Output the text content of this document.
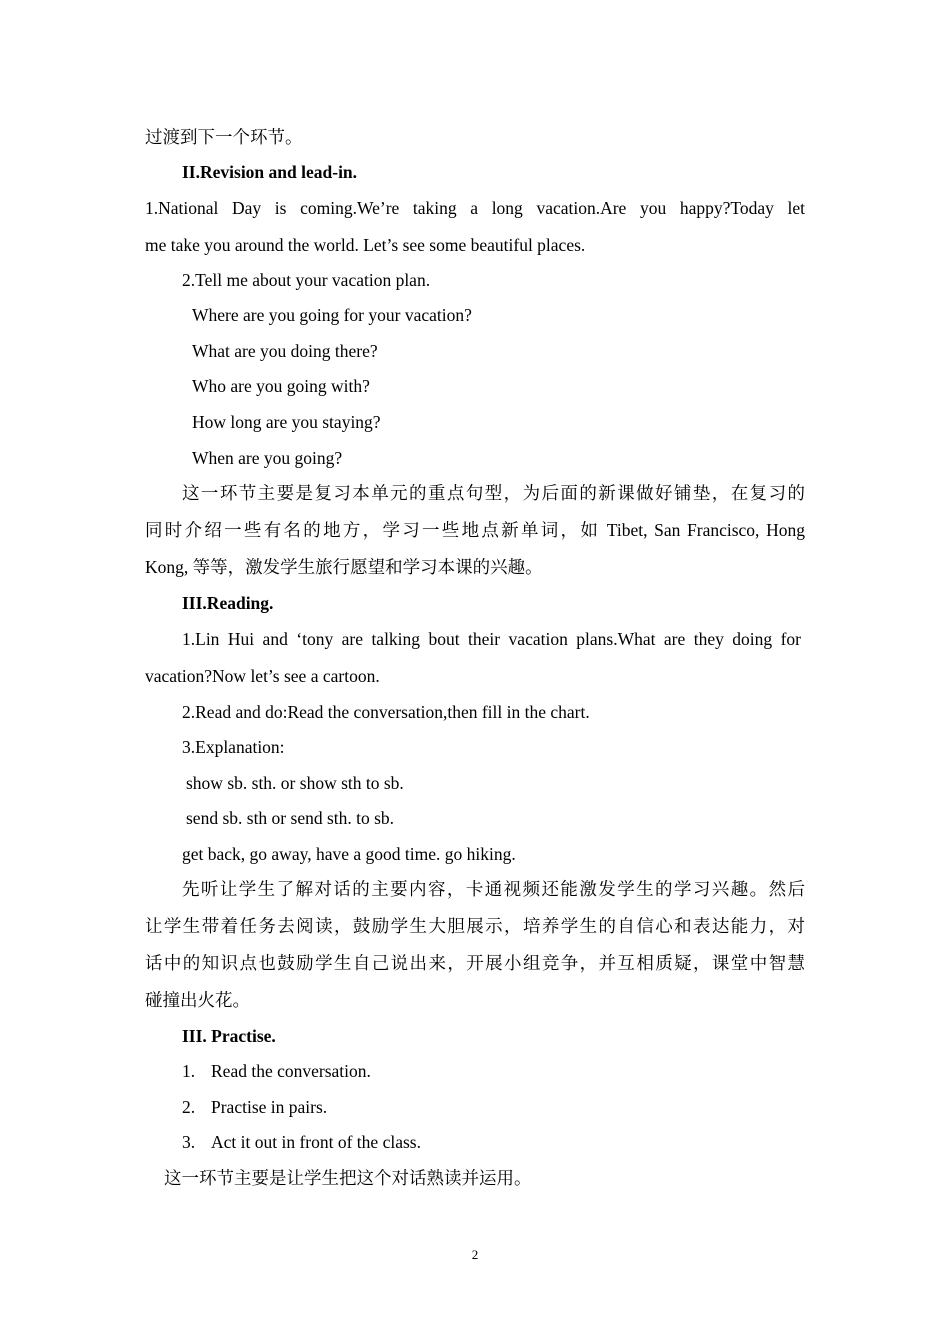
过渡到下一个环节。
II.Revision and lead-in.
1.National Day is coming.We’re taking a long vacation.Are you happy?Today let
me take you around the world. Let’s see some beautiful places.
2.Tell me about your vacation plan.
Where are you going for your vacation?
What are you doing there?
Who are you going with?
How long are you staying?
When are you going?
这一环节主要是复习本单元的重点句型，为后面的新课做好铺垫，在复习的
同时介绍一些有名的地方，学习一些地点新单词，如 Tibet, San Francisco, Hong
Kong, 等等，激发学生旅行愿望和学习本课的兴趣。
III.Reading.
1.Lin Hui and ‘tony are talking bout their vacation plans.What are they doing for
vacation?Now let’s see a cartoon.
2.Read and do:Read the conversation,then fill in the chart.
3.Explanation:
show sb. sth. or show sth to sb.
send sb. sth or send sth. to sb.
get back, go away, have a good time. go hiking.
先听让学生了解对话的主要内容，卡通视频还能激发学生的学习兴趣。然后
让学生带着任务去阅读，鼓励学生大胆展示，培养学生的自信心和表达能力，对
话中的知识点也鼓励学生自己说出来，开展小组竞争，并互相质疑，课堂中智慧
碰撞出火花。
III. Practise.
1. Read the conversation.
2. Practise in pairs.
3. Act it out in front of the class.
这一环节主要是让学生把这个对话熟读并运用。
2
